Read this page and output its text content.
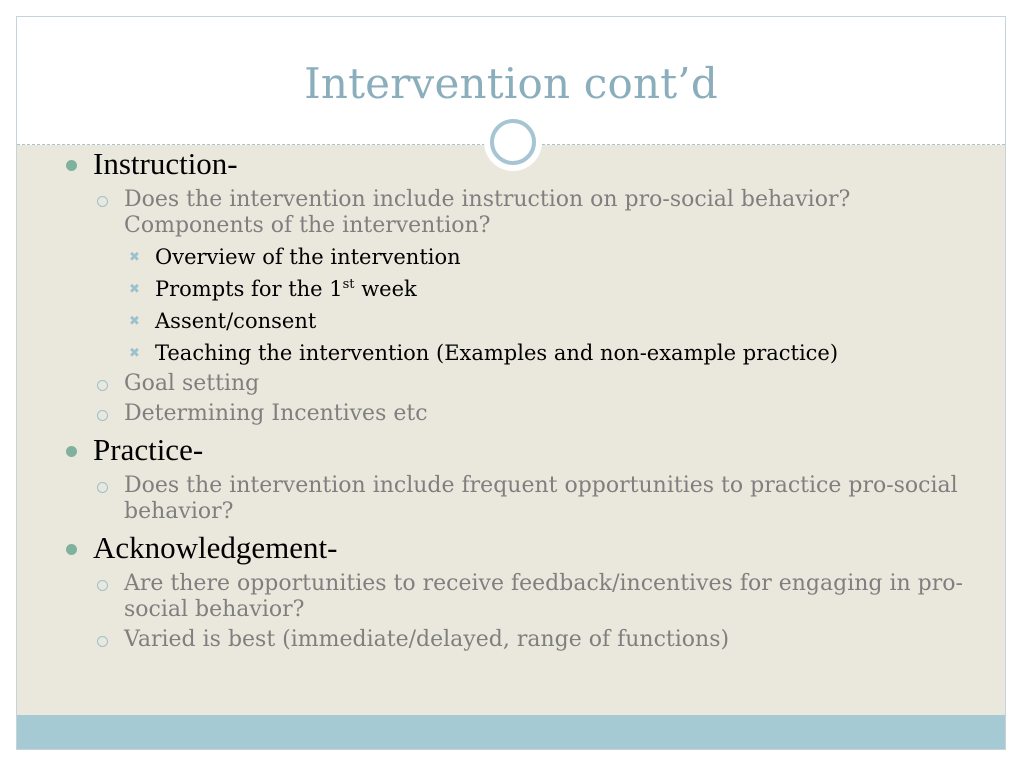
Intervention cont’d
Instruction-
Does the intervention include instruction on pro-social behavior? Components of the intervention?
✖ Overview of the intervention
✖ Prompts for the 1st week
✖ Assent/consent
✖ Teaching the intervention (Examples and non-example practice)
Goal setting
Determining Incentives etc
Practice-
Does the intervention include frequent opportunities to practice pro-social behavior?
Acknowledgement-
Are there opportunities to receive feedback/incentives for engaging in pro-social behavior?
Varied is best (immediate/delayed, range of functions)
